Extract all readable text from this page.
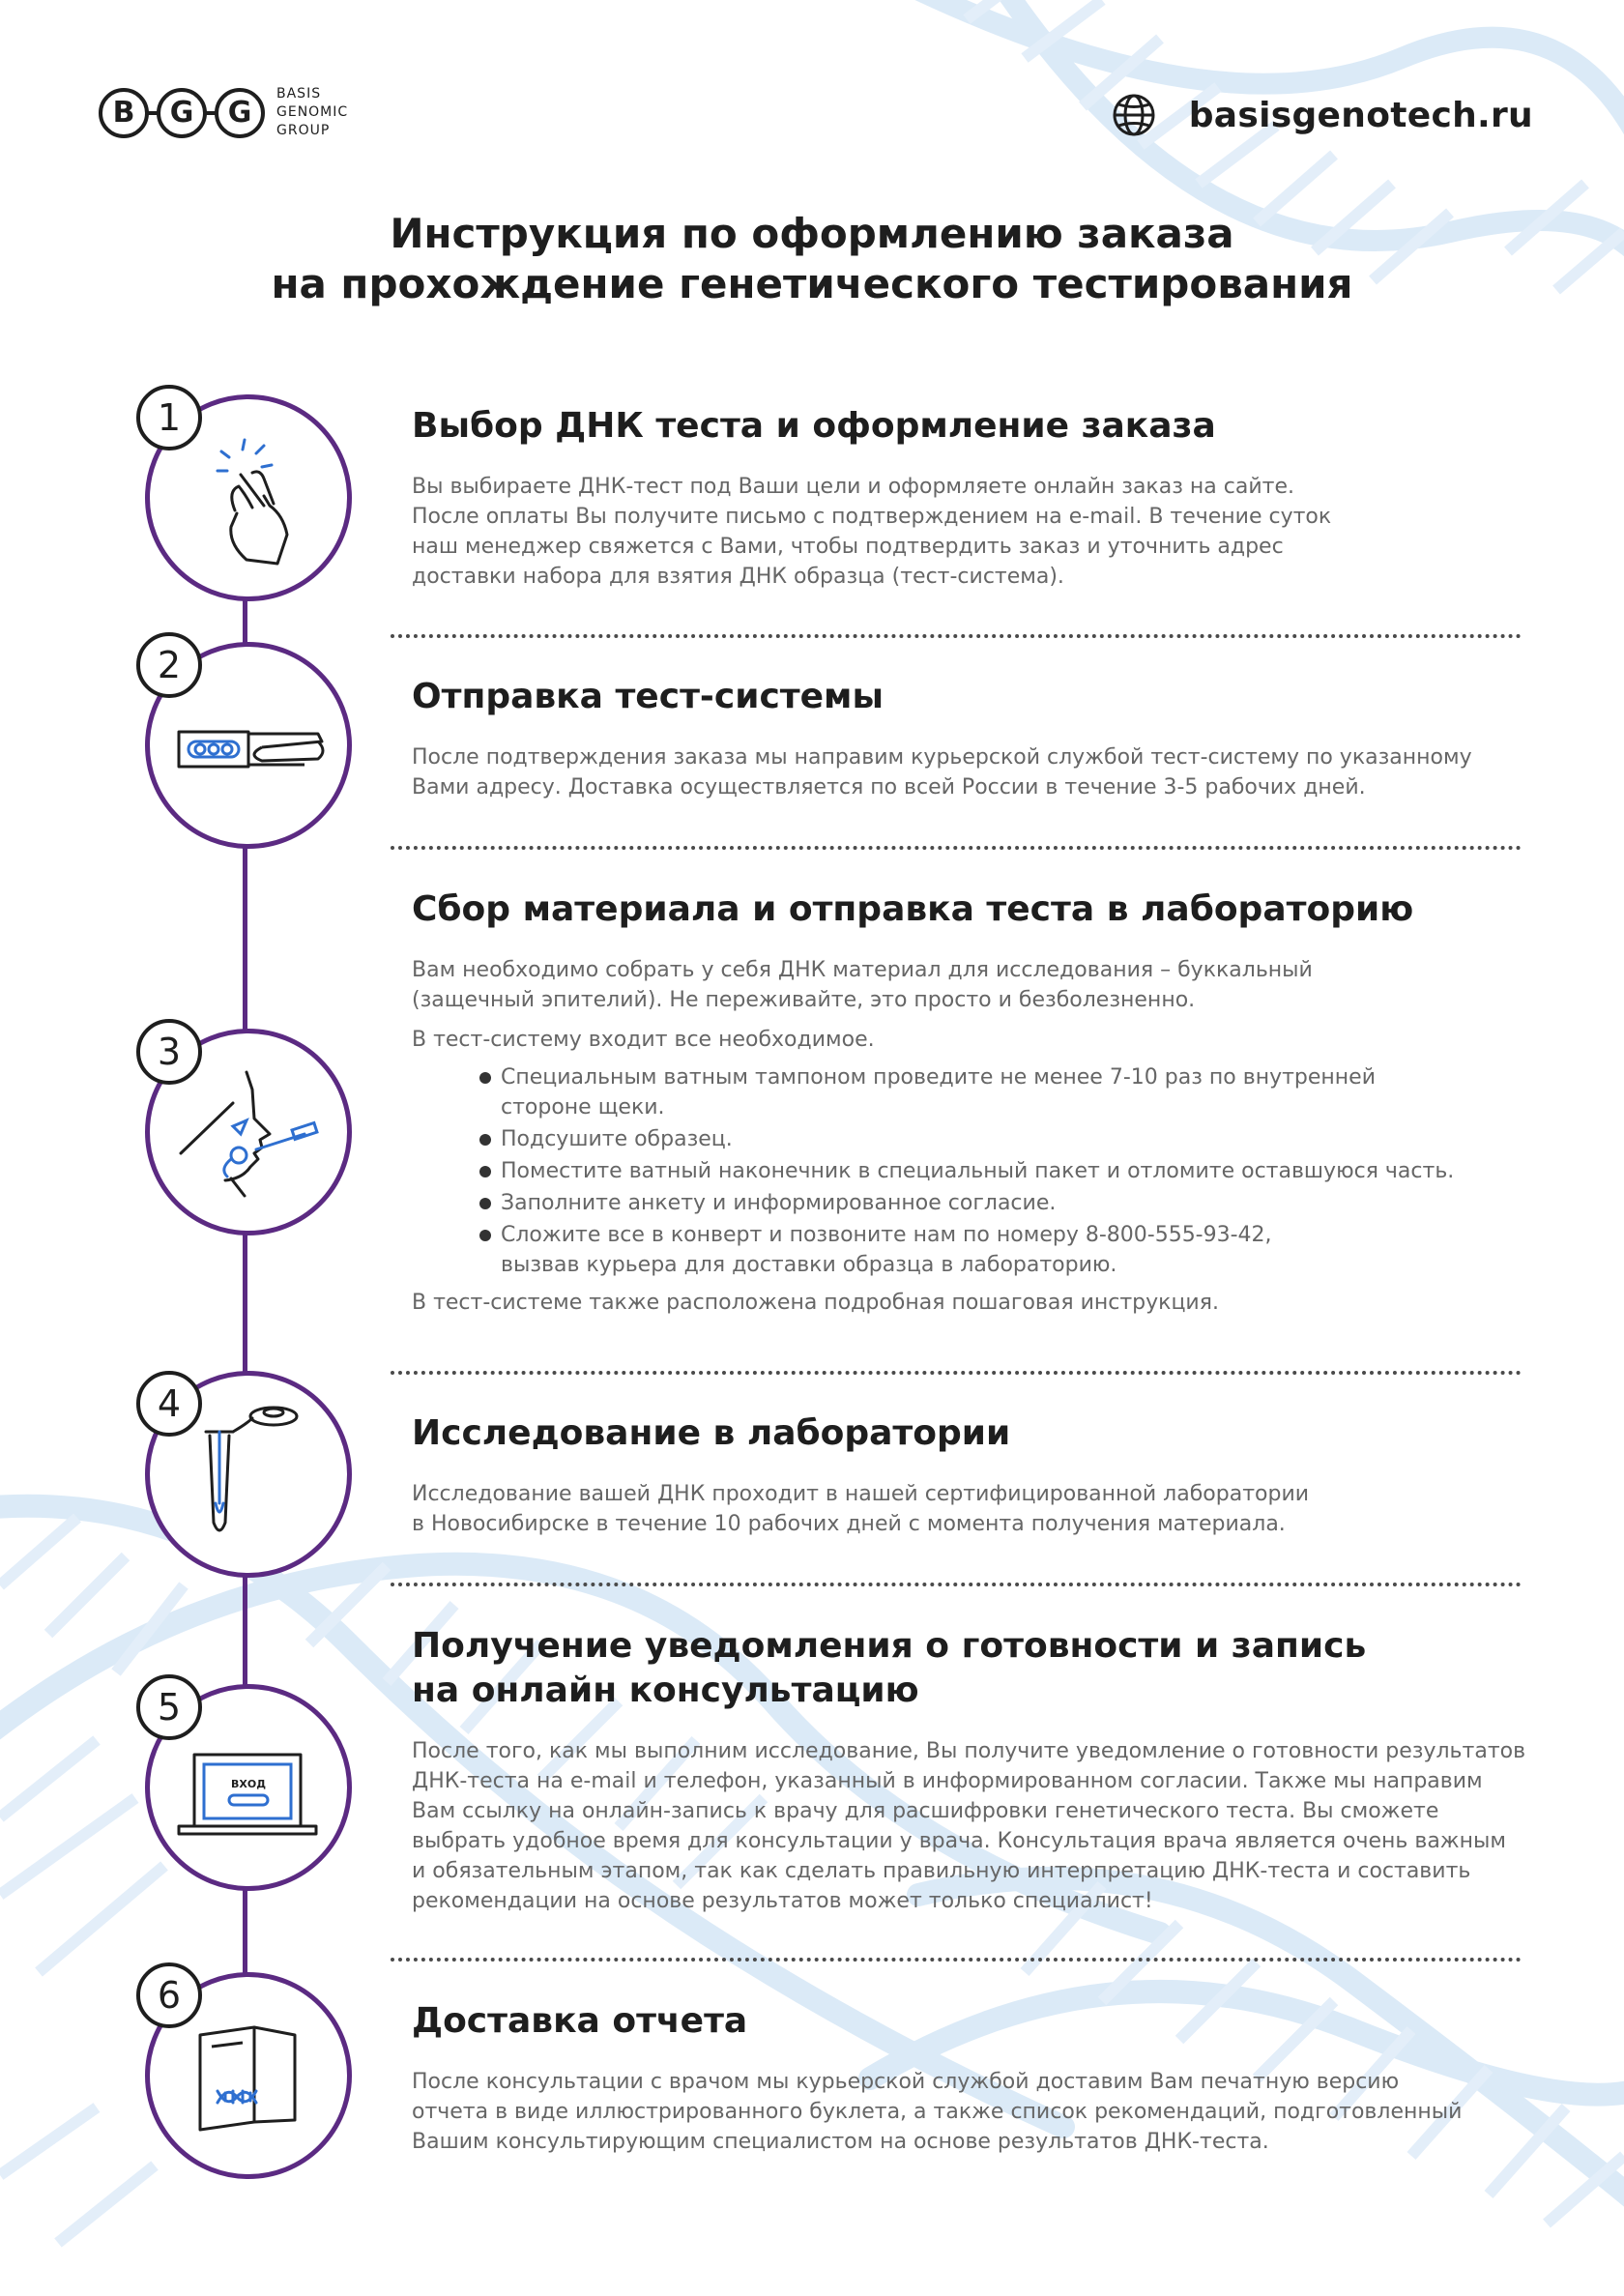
B	G	G
BASIS
GENOMIC
GROUP	basisgenotech.ru
Инструкция по оформлению заказа
на прохождение генетического тестирования
1
2
3
4
ВХОД
5
6
Выбор ДНК теста и оформление заказа

Вы выбираете ДНК-тест под Ваши цели и оформляете онлайн заказ на сайте.

После оплаты Вы получите письмо с подтверждением на e-mail. В течение суток

наш менеджер свяжется с Вами, чтобы подтвердить заказ и уточнить адрес

доставки набора для взятия ДНК образца (тест-система).

Отправка тест-системы

После подтверждения заказа мы направим курьерской службой тест-систему по указанному

Вами адресу. Доставка осуществляется по всей России в течение 3-5 рабочих дней.

Сбор материала и отправка теста в лабораторию

Вам необходимо собрать у себя ДНК материал для исследования – буккальный

(защечный эпителий). Не переживайте, это просто и безболезненно.

В тест-систему входит все необходимое.

Специальным ватным тампоном проведите не менее 7-10 раз по внутренней
стороне щеки.
Подсушите образец.
Поместите ватный наконечник в специальный пакет и отломите оставшуюся часть.
Заполните анкету и информированное согласие.
Сложите все в конверт и позвоните нам по номеру 8-800-555-93-42,
вызвав курьера для доставки образца в лабораторию.

В тест-системе также расположена подробная пошаговая инструкция.

Исследование в лаборатории

Исследование вашей ДНК проходит в нашей сертифицированной лаборатории

в Новосибирске в течение 10 рабочих дней с момента получения материала.

Получение уведомления о готовности и запись
на онлайн консультацию

После того, как мы выполним исследование, Вы получите уведомление о готовности результатов

ДНК-теста на e-mail и телефон, указанный в информированном согласии. Также мы направим

Вам ссылку на онлайн-запись к врачу для расшифровки генетического теста. Вы сможете

выбрать удобное время для консультации у врача. Консультация врача является очень важным

и обязательным этапом, так как сделать правильную интерпретацию ДНК-теста и составить

рекомендации на основе результатов может только специалист!

Доставка отчета

После консультации с врачом мы курьерской службой доставим Вам печатную версию

отчета в виде иллюстрированного буклета, а также список рекомендаций, подготовленный

Вашим консультирующим специалистом на основе результатов ДНК-теста.
